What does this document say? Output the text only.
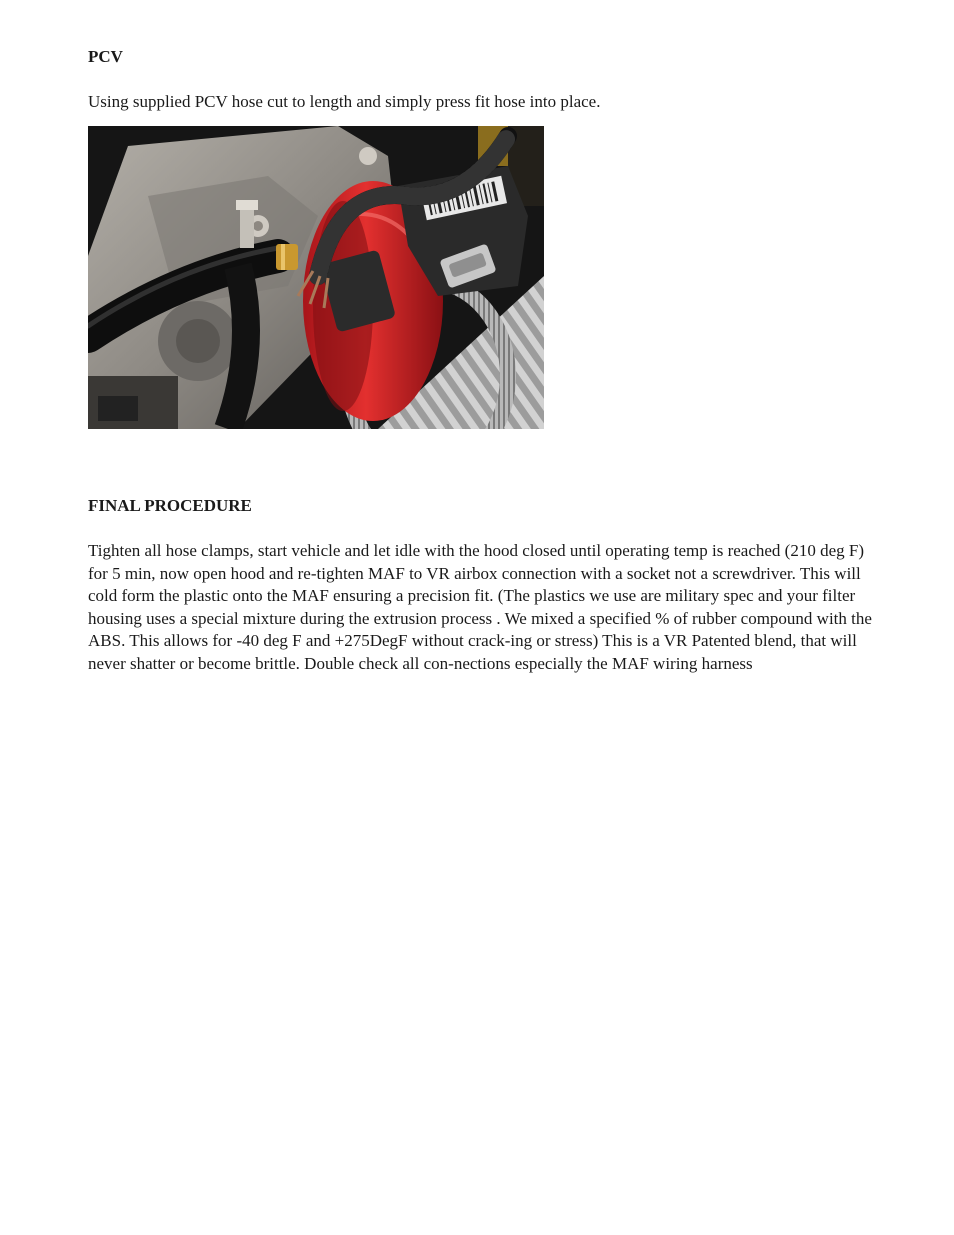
PCV

Using supplied PCV hose cut to length and simply press fit hose into place.

FINAL PROCEDURE

Tighten all hose clamps, start vehicle and let idle with the hood closed until operating temp is reached (210 deg F) for 5 min, now open hood and re-tighten MAF to VR airbox connection with a socket not a screwdriver. This will cold form the plastic onto the MAF ensuring a precision fit. (The plastics we use are military spec and your filter housing uses a special mixture during the extrusion process . We mixed a specified % of rubber compound with the ABS. This allows for -40 deg F and +275DegF without crack-ing or stress) This is a VR Patented blend, that will never shatter or become brittle. Double check all con-nections especially the MAF wiring harness
